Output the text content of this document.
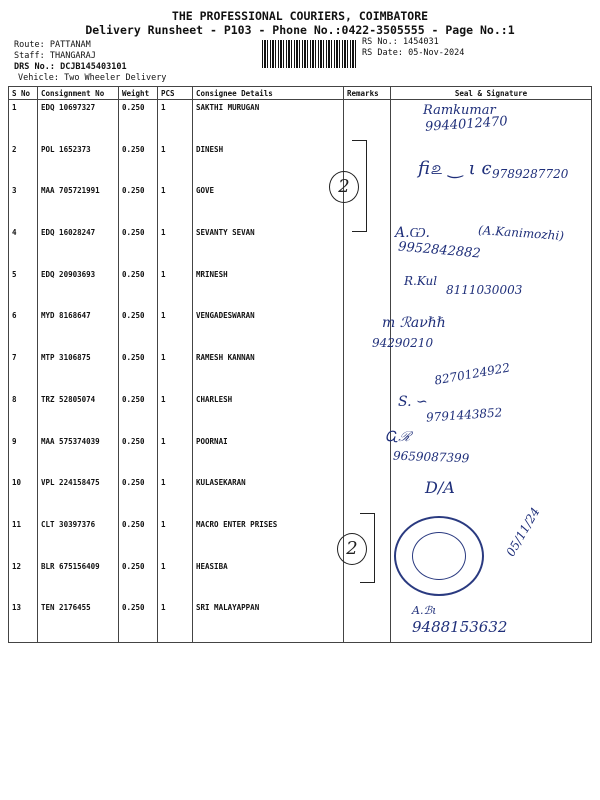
THE PROFESSIONAL COURIERS, COIMBATORE
Delivery Runsheet - P103 - Phone No.:0422-3505555 - Page No.:1
Route: PATTANAM
Staff: THANGARAJ
DRS No.: DCJB145403101
Vehicle: Two Wheeler Delivery
RS No.: 1454031
RS Date: 05-Nov-2024
S No	Consignment No	Weight	PCS	Consignee Details	Remarks	Seal & Signature
1	EDQ 10697327	0.250	1	SAKTHI MURUGAN		
2	POL 1652373	0.250	1	DINESH		
3	MAA 705721991	0.250	1	GOVE		
4	EDQ 16028247	0.250	1	SEVANTY SEVAN		
5	EDQ 20903693	0.250	1	MRINESH		
6	MYD 8168647	0.250	1	VENGADESWARAN		
7	MTP 3106875	0.250	1	RAMESH KANNAN		
8	TRZ 52805074	0.250	1	CHARLESH		
9	MAA 575374039	0.250	1	POORNAI		
10	VPL 224158475	0.250	1	KULASEKARAN		
11	CLT 30397376	0.250	1	MACRO ENTER PRISES		
12	BLR 675156409	0.250	1	HEASIBA		
13	TEN 2176455	0.250	1	SRI MALAYAPPAN		
2
2
Ramkumar
9944012470
ﬁ௨ ‿ ι ͼ 9789287720
A.Ѡ.	(A.Kanimozhi)
9952842882
R.Kul
8111030003
m ℛaνℏℏ
94290210
8270124922
S. ∽
9791443852
Ꮹℛ
9659087399
D/A
05/11/24
A.ℬ︎ι
9488153632
